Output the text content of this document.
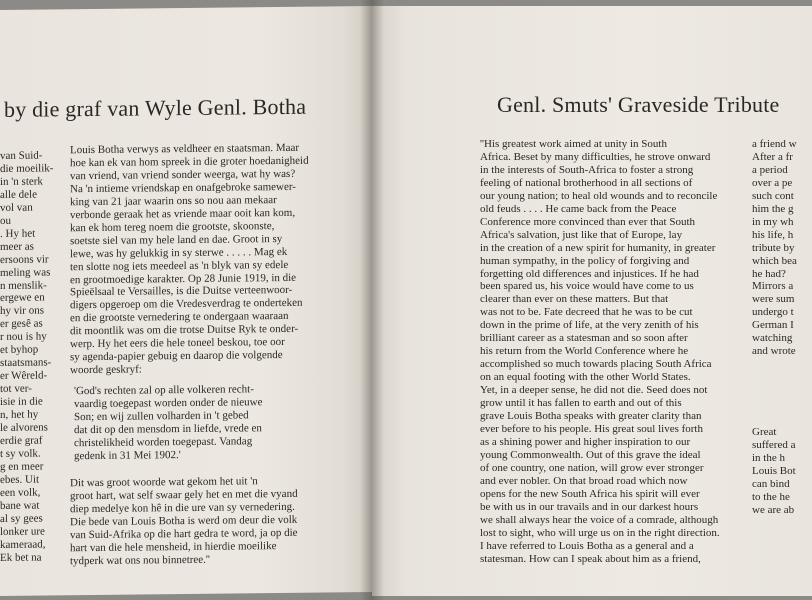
by die graf van Wyle Genl. Botha
van Suid-
die moeilik-
in 'n sterk
alle dele
vol van
ou
. Hy het
meer as
ersoons vir
meling was
n menslik-
ergewe en
hy vir ons
er gesê as
r nou is hy
et byhop
staatsmans-
er Wêreld-
tot ver-
isie in die
n, het hy
le alvorens
erdie graf
t sy volk.
g en meer
ebes. Uit
een volk,
bane wat
al sy gees
lonker ure
kameraad,
Ek bet na
Louis Botha verwys as veldheer en staatsman. Maar
hoe kan ek van hom spreek in die groter hoedanigheid
van vriend, van vriend sonder weerga, wat hy was?
Na 'n intieme vriendskap en onafgebroke samewer-
king van 21 jaar waarin ons so nou aan mekaar
verbonde geraak het as vriende maar ooit kan kom,
kan ek hom tereg noem die grootste, skoonste,
soetste siel van my hele land en dae. Groot in sy
lewe, was hy gelukkig in sy sterwe . . . . . Mag ek
ten slotte nog iets meedeel as 'n blyk van sy edele
en grootmoedige karakter. Op 28 Junie 1919, in die
Spieëlsaal te Versailles, is die Duitse verteenwoor-
digers opgeroep om die Vredesverdrag te onderteken
en die grootste vernedering te ondergaan waaraan
dit moontlik was om die trotse Duitse Ryk te onder-
werp. Hy het eers die hele toneel beskou, toe oor
sy agenda-papier gebuig en daarop die volgende
woorde geskryf:
'God's rechten zal op alle volkeren recht-
vaardig toegepast worden onder de nieuwe
Son; en wij zullen volharden in 't gebed
dat dit op den mensdom in liefde, vrede en
christelikheid worden toegepast. Vandag
gedenk in 31 Mei 1902.'
Dit was groot woorde wat gekom het uit 'n
groot hart, wat self swaar gely het en met die vyand
diep medelye kon hê in die ure van sy vernedering.
Die bede van Louis Botha is werd om deur die volk
van Suid-Afrika op die hart gedra te word, ja op die
hart van die hele mensheid, in hierdie moeilike
tydperk wat ons nou binnetree.''
Genl. Smuts' Graveside Tribute
''His greatest work aimed at unity in South
Africa. Beset by many difficulties, he strove onward
in the interests of South-Africa to foster a strong
feeling of national brotherhood in all sections of
our young nation; to heal old wounds and to reconcile
old feuds . . . . He came back from the Peace
Conference more convinced than ever that South
Africa's salvation, just like that of Europe, lay
in the creation of a new spirit for humanity, in greater
human sympathy, in the policy of forgiving and
forgetting old differences and injustices. If he had
been spared us, his voice would have come to us
clearer than ever on these matters. But that
was not to be. Fate decreed that he was to be cut
down in the prime of life, at the very zenith of his
brilliant career as a statesman and so soon after
his return from the World Conference where he
accomplished so much towards placing South Africa
on an equal footing with the other World States.
Yet, in a deeper sense, he did not die. Seed does not
grow until it has fallen to earth and out of this
grave Louis Botha speaks with greater clarity than
ever before to his people. His great soul lives forth
as a shining power and higher inspiration to our
young Commonwealth. Out of this grave the ideal
of one country, one nation, will grow ever stronger
and ever nobler. On that broad road which now
opens for the new South Africa his spirit will ever
be with us in our travails and in our darkest hours
we shall always hear the voice of a comrade, although
lost to sight, who will urge us on in the right direction.
I have referred to Louis Botha as a general and a
statesman. How can I speak about him as a friend,
a friend w
After a fr
a period
over a pe
such cont
him the g
in my wh
his life, h
tribute by
which bea
he had?
Mirrors a
were sum
undergo t
German I
watching
and wrote
Great
suffered a
in the h
Louis Bot
can bind
to the he
we are ab
